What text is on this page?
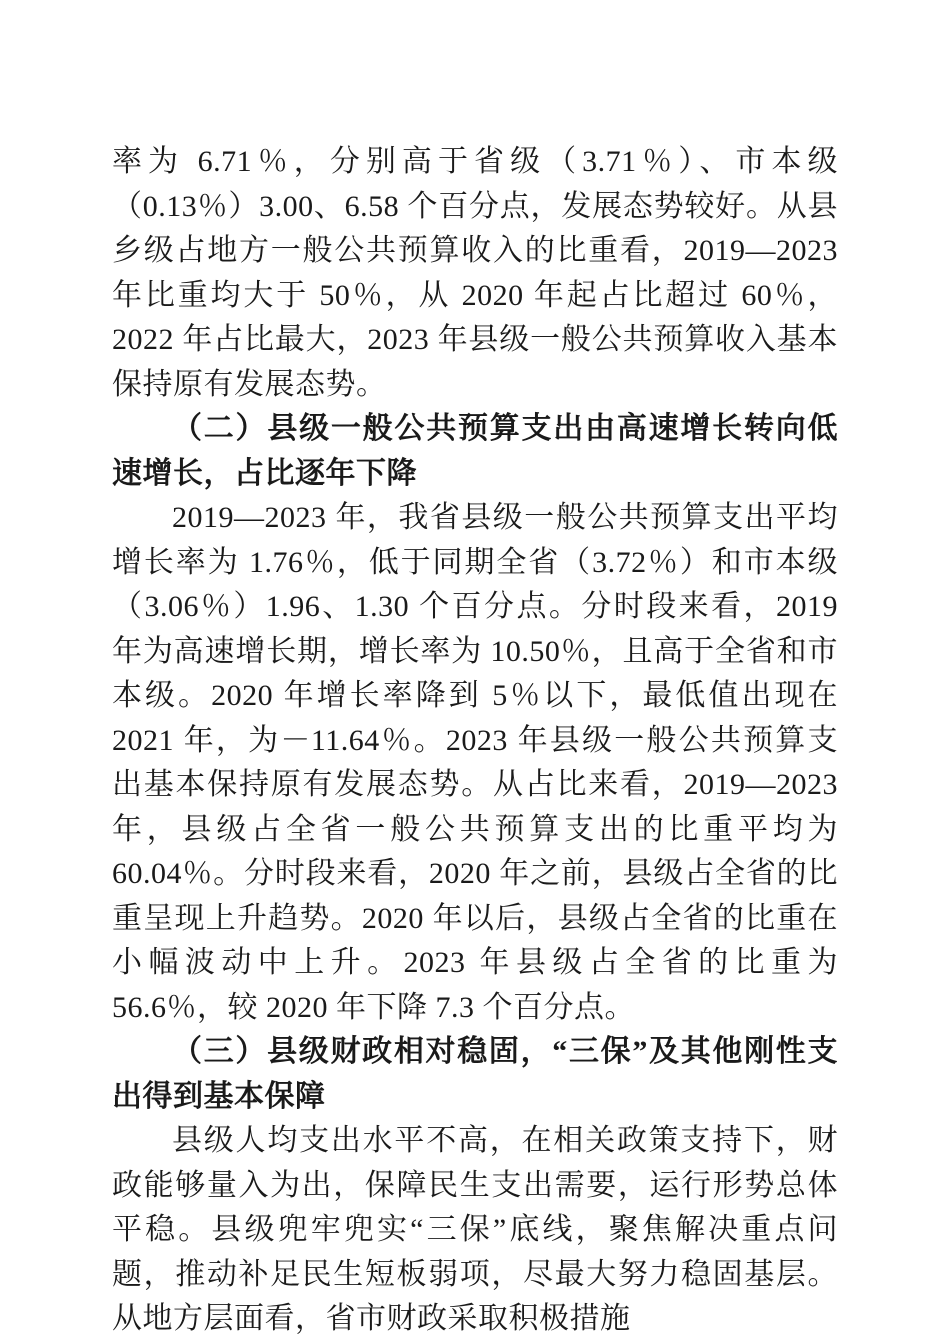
率为 6.71％，分别高于省级（3.71％）、市本级（0.13％）3.00、6.58 个百分点，发展态势较好。从县乡级占地方一般公共预算收入的比重看，2019—2023 年比重均大于 50％，从 2020 年起占比超过 60％，2022 年占比最大，2023 年县级一般公共预算收入基本保持原有发展态势。

（二）县级一般公共预算支出由高速增长转向低速增长，占比逐年下降

2019—2023 年，我省县级一般公共预算支出平均增长率为 1.76％，低于同期全省（3.72％）和市本级（3.06％）1.96、1.30 个百分点。分时段来看，2019 年为高速增长期，增长率为 10.50％，且高于全省和市本级。2020 年增长率降到 5％以下，最低值出现在 2021 年，为－11.64％。2023 年县级一般公共预算支出基本保持原有发展态势。从占比来看，2019—2023 年，县级占全省一般公共预算支出的比重平均为 60.04％。分时段来看，2020 年之前，县级占全省的比重呈现上升趋势。2020 年以后，县级占全省的比重在小幅波动中上升。2023 年县级占全省的比重为 56.6％，较 2020 年下降 7.3 个百分点。

（三）县级财政相对稳固，“三保”及其他刚性支出得到基本保障

县级人均支出水平不高，在相关政策支持下，财政能够量入为出，保障民生支出需要，运行形势总体平稳。县级兜牢兜实“三保”底线，聚焦解决重点问题，推动补足民生短板弱项，尽最大努力稳固基层。从地方层面看，省市财政采取积极措施
